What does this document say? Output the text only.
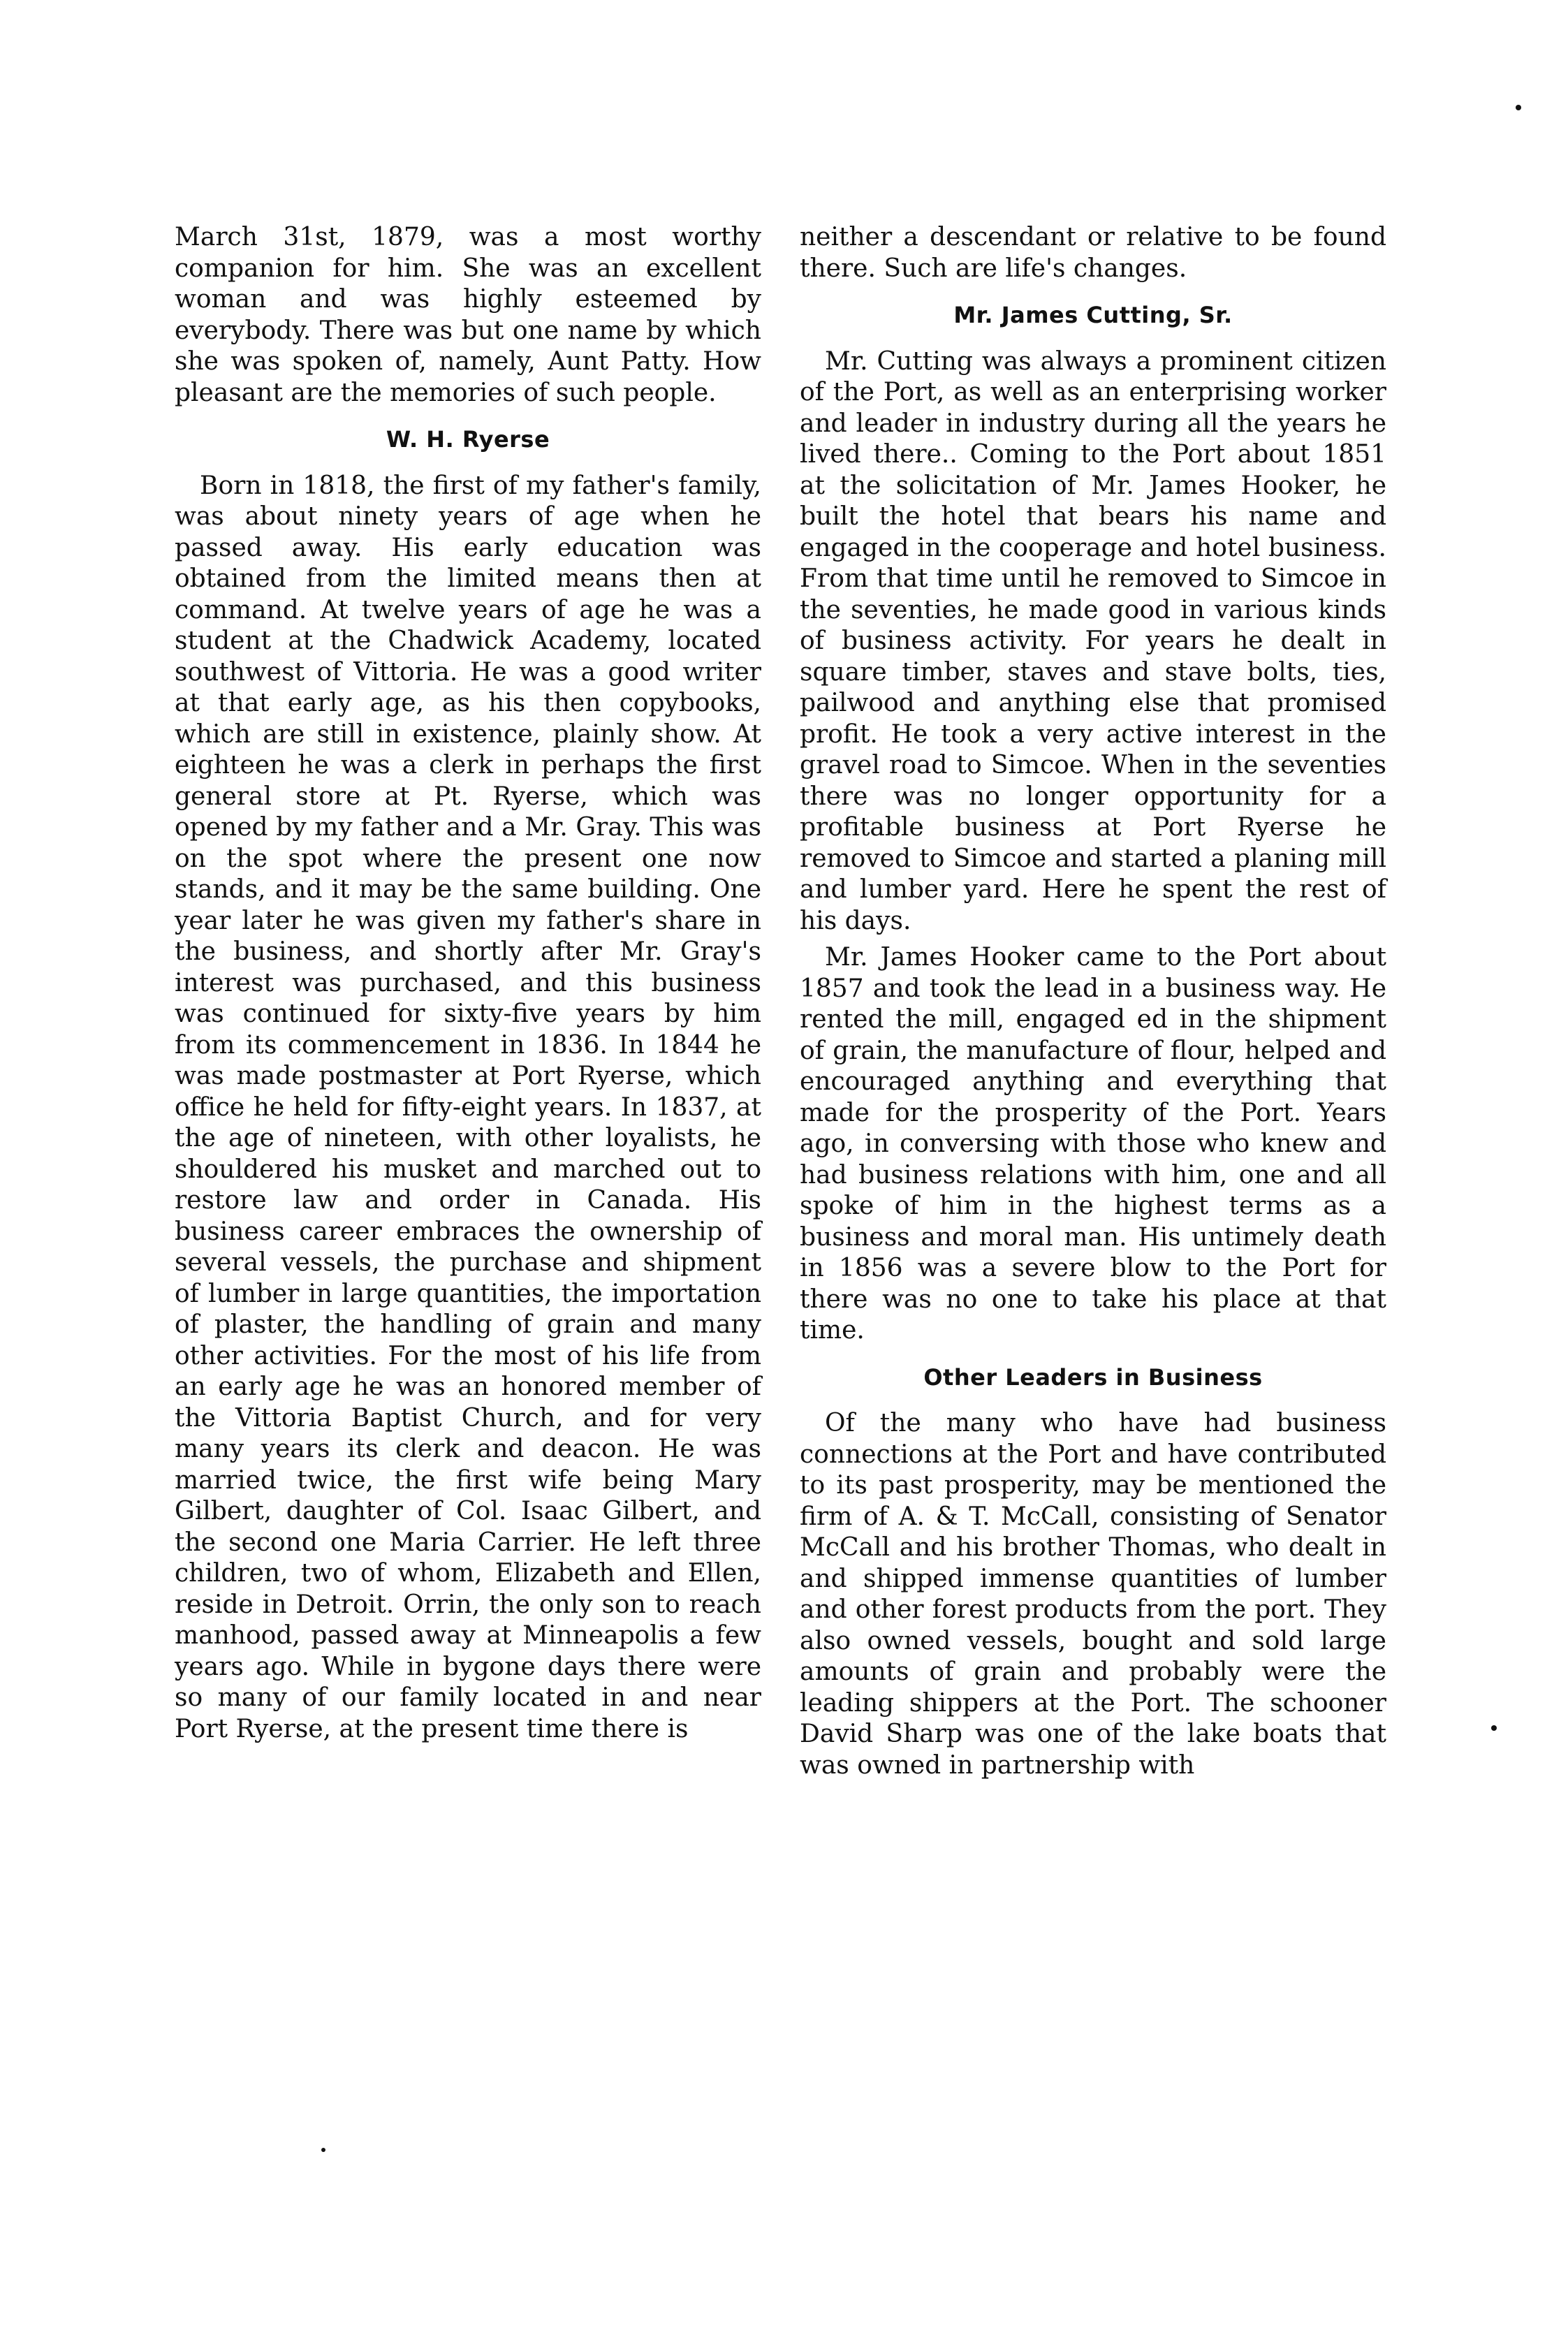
March 31st, 1879, was a most worthy companion for him. She was an excellent woman and was highly esteemed by everybody. There was but one name by which she was spoken of, namely, Aunt Patty. How pleasant are the memories of such people.

W. H. Ryerse

Born in 1818, the first of my father's family, was about ninety years of age when he passed away. His early education was obtained from the limited means then at command. At twelve years of age he was a student at the Chadwick Academy, located southwest of Vittoria. He was a good writer at that early age, as his then copybooks, which are still in existence, plainly show. At eighteen he was a clerk in perhaps the first general store at Pt. Ryerse, which was opened by my father and a Mr. Gray. This was on the spot where the present one now stands, and it may be the same building. One year later he was given my father's share in the business, and shortly after Mr. Gray's interest was purchased, and this business was continued for sixty-five years by him from its commencement in 1836. In 1844 he was made postmaster at Port Ryerse, which office he held for fifty-eight years. In 1837, at the age of nineteen, with other loyalists, he shouldered his musket and marched out to restore law and order in Canada. His business career embraces the ownership of several vessels, the purchase and shipment of lumber in large quantities, the importation of plaster, the handling of grain and many other activities. For the most of his life from an early age he was an honored member of the Vittoria Baptist Church, and for very many years its clerk and deacon. He was married twice, the first wife being Mary Gilbert, daughter of Col. Isaac Gilbert, and the second one Maria Carrier. He left three children, two of whom, Elizabeth and Ellen, reside in Detroit. Orrin, the only son to reach manhood, passed away at Minneapolis a few years ago. While in bygone days there were so many of our family located in and near Port Ryerse, at the present time there is

neither a descendant or relative to be found there. Such are life's changes.

Mr. James Cutting, Sr.

Mr. Cutting was always a prominent citizen of the Port, as well as an enterprising worker and leader in industry during all the years he lived there.. Coming to the Port about 1851 at the solicitation of Mr. James Hooker, he built the hotel that bears his name and engaged in the cooperage and hotel business. From that time until he removed to Simcoe in the seventies, he made good in various kinds of business activity. For years he dealt in square timber, staves and stave bolts, ties, pailwood and anything else that promised profit. He took a very active interest in the gravel road to Simcoe. When in the seventies there was no longer opportunity for a profitable business at Port Ryerse he removed to Simcoe and started a planing mill and lumber yard. Here he spent the rest of his days.

Mr. James Hooker came to the Port about 1857 and took the lead in a business way. He rented the mill, engaged ed in the shipment of grain, the manufacture of flour, helped and encouraged anything and everything that made for the prosperity of the Port. Years ago, in conversing with those who knew and had business relations with him, one and all spoke of him in the highest terms as a business and moral man. His untimely death in 1856 was a severe blow to the Port for there was no one to take his place at that time.

Other Leaders in Business

Of the many who have had business connections at the Port and have contributed to its past prosperity, may be mentioned the firm of A. & T. McCall, consisting of Senator McCall and his brother Thomas, who dealt in and shipped immense quantities of lumber and other forest products from the port. They also owned vessels, bought and sold large amounts of grain and probably were the leading shippers at the Port. The schooner David Sharp was one of the lake boats that was owned in partnership with
